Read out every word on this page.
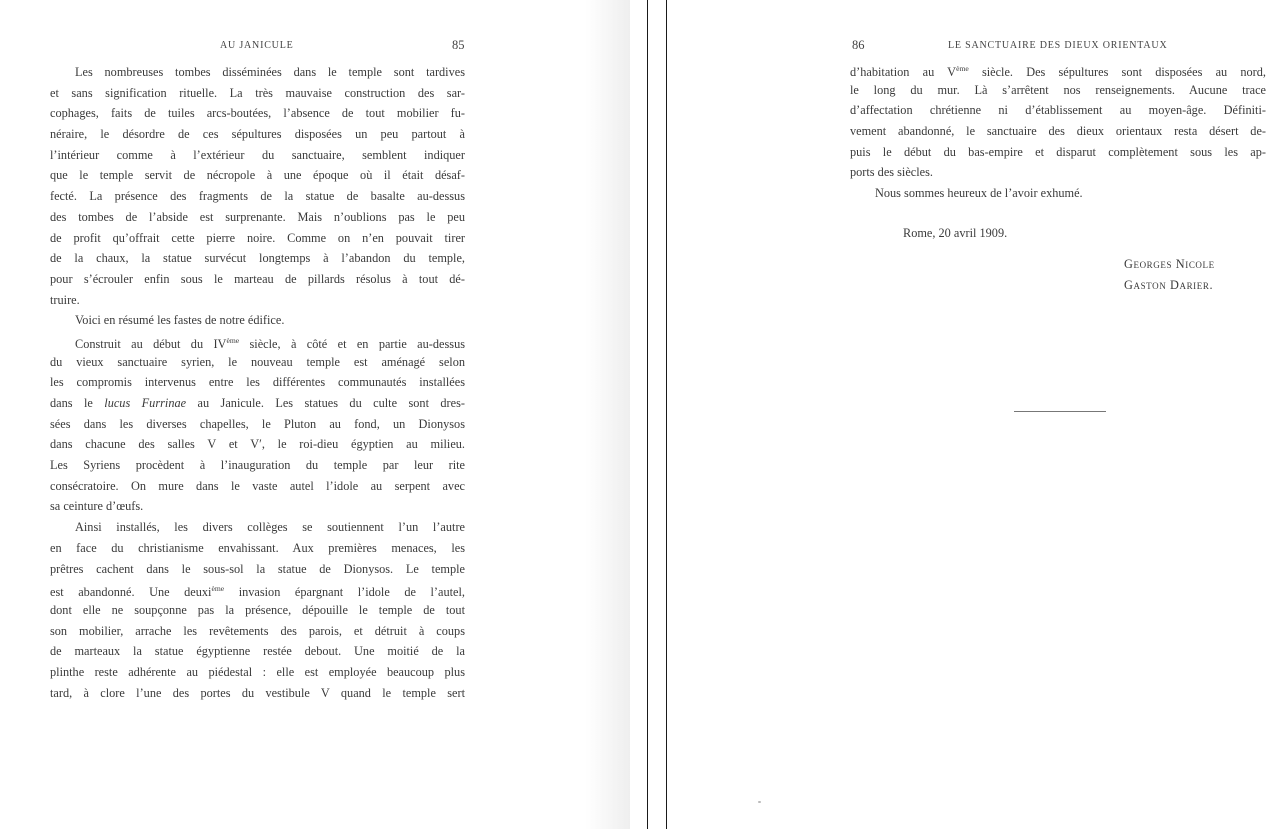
AU JANICULE	85
Les nombreuses tombes disséminées dans le temple sont tardives
et sans signification rituelle. La très mauvaise construction des sar-
cophages, faits de tuiles arcs-boutées, l’absence de tout mobilier fu-
néraire, le désordre de ces sépultures disposées un peu partout à
l’intérieur comme à l’extérieur du sanctuaire, semblent indiquer
que le temple servit de nécropole à une époque où il était désaf-
fecté. La présence des fragments de la statue de basalte au-dessus
des tombes de l’abside est surprenante. Mais n’oublions pas le peu
de profit qu’offrait cette pierre noire. Comme on n’en pouvait tirer
de la chaux, la statue survécut longtemps à l’abandon du temple,
pour s’écrouler enfin sous le marteau de pillards résolus à tout dé-
truire.
Voici en résumé les fastes de notre édifice.
Construit au début du IVème siècle, à côté et en partie au-dessus
du vieux sanctuaire syrien, le nouveau temple est aménagé selon
les compromis intervenus entre les différentes communautés installées
dans le lucus Furrinae au Janicule. Les statues du culte sont dres-
sées dans les diverses chapelles, le Pluton au fond, un Dionysos
dans chacune des salles V et V′, le roi-dieu égyptien au milieu.
Les Syriens procèdent à l’inauguration du temple par leur rite
consécratoire. On mure dans le vaste autel l’idole au serpent avec
sa ceinture d’œufs.
Ainsi installés, les divers collèges se soutiennent l’un l’autre
en face du christianisme envahissant. Aux premières menaces, les
prêtres cachent dans le sous-sol la statue de Dionysos. Le temple
est abandonné. Une deuxi$^{ème}$ invasion épargnant l’idole de l’autel,
dont elle ne soupçonne pas la présence, dépouille le temple de tout
son mobilier, arrache les revêtements des parois, et détruit à coups
de marteaux la statue égyptienne restée debout. Une moitié de la
plinthe reste adhérente au piédestal : elle est employée beaucoup plus
tard, à clore l’une des portes du vestibule V quand le temple sert
86	LE SANCTUAIRE DES DIEUX ORIENTAUX
d’habitation au Vème siècle. Des sépultures sont disposées au nord,
le long du mur. Là s’arrêtent nos renseignements. Aucune trace
d’affectation chrétienne ni d’établissement au moyen-âge. Définiti-
vement abandonné, le sanctuaire des dieux orientaux resta désert de-
puis le début du bas-empire et disparut complètement sous les ap-
ports des siècles.
Nous sommes heureux de l’avoir exhumé.
Rome, 20 avril 1909.
Georges Nicole
Gaston Darier.
